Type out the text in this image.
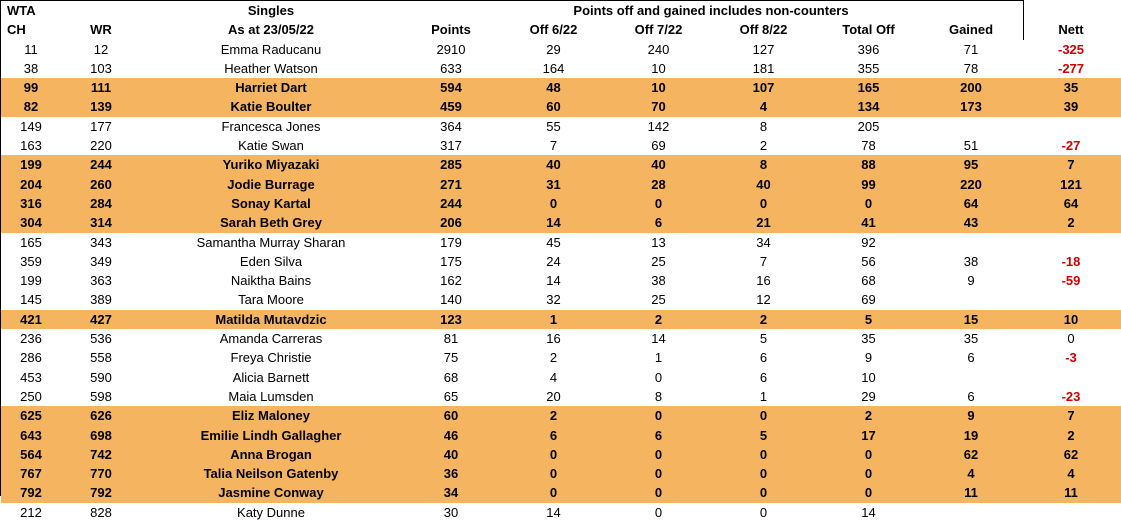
WTA		Singles		Points off and gained includes non-counters					
CH	WR	As at 23/05/22	Points	Off 6/22	Off 7/22	Off 8/22	Total Off	Gained	Nett
11	12	Emma Raducanu	2910	29	240	127	396	71	-325
38	103	Heather Watson	633	164	10	181	355	78	-277
99	111	Harriet Dart	594	48	10	107	165	200	35
82	139	Katie Boulter	459	60	70	4	134	173	39
149	177	Francesca Jones	364	55	142	8	205		
163	220	Katie Swan	317	7	69	2	78	51	-27
199	244	Yuriko Miyazaki	285	40	40	8	88	95	7
204	260	Jodie Burrage	271	31	28	40	99	220	121
316	284	Sonay Kartal	244	0	0	0	0	64	64
304	314	Sarah Beth Grey	206	14	6	21	41	43	2
165	343	Samantha Murray Sharan	179	45	13	34	92		
359	349	Eden Silva	175	24	25	7	56	38	-18
199	363	Naiktha Bains	162	14	38	16	68	9	-59
145	389	Tara Moore	140	32	25	12	69		
421	427	Matilda Mutavdzic	123	1	2	2	5	15	10
236	536	Amanda Carreras	81	16	14	5	35	35	0
286	558	Freya Christie	75	2	1	6	9	6	-3
453	590	Alicia Barnett	68	4	0	6	10		
250	598	Maia Lumsden	65	20	8	1	29	6	-23
625	626	Eliz Maloney	60	2	0	0	2	9	7
643	698	Emilie Lindh Gallagher	46	6	6	5	17	19	2
564	742	Anna Brogan	40	0	0	0	0	62	62
767	770	Talia Neilson Gatenby	36	0	0	0	0	4	4
792	792	Jasmine Conway	34	0	0	0	0	11	11
212	828	Katy Dunne	30	14	0	0	14		
